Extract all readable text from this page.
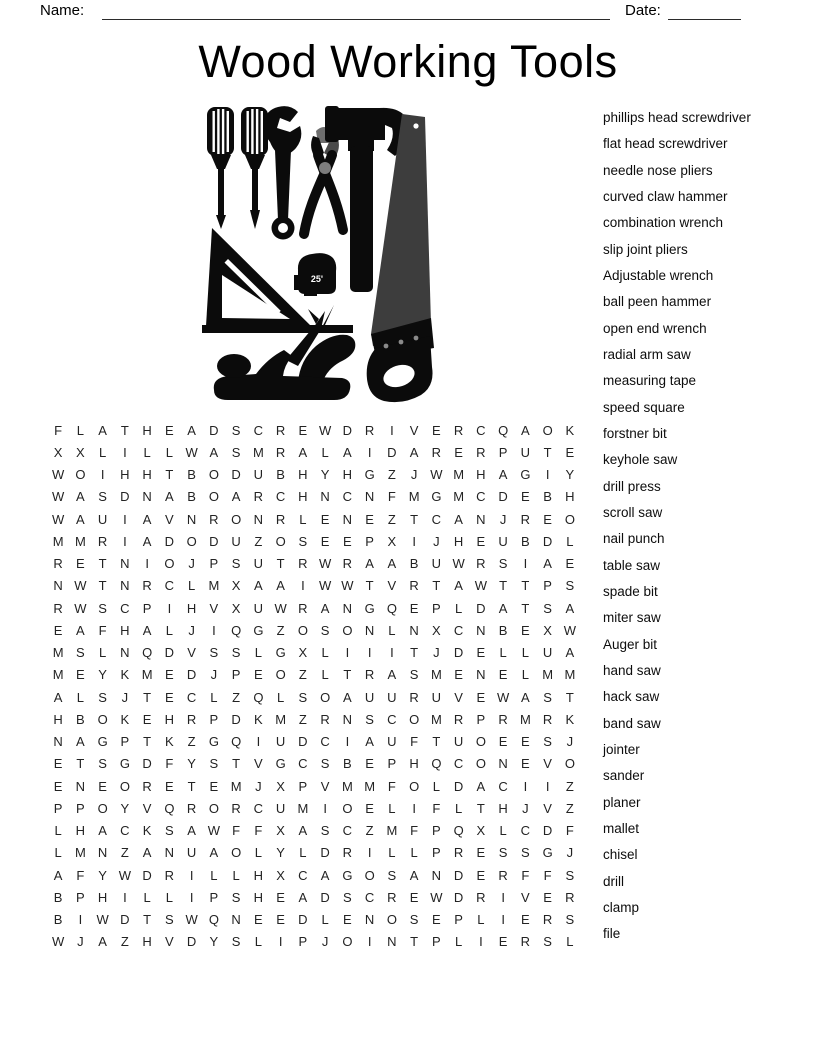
Name:	Date:
Wood Working Tools
25'
F	L	A	T	H	E	A	D	S	C R	E W D R	I	V	E	R C Q A O K
X	X	L	I	L	L W A	S M R	A	L	A	I	D	A	R	E	R	P	U	T	E
W O	I	H H	T	B O D U	B	H	Y	H G	Z	J W M H	A G	I	Y
W A	S	D N	A	B O A	R C H N C N	F M G M C D	E	B	H
W A	U	I	A	V	N R O N R	L	E	N	E	Z	T	C	A	N	J	R	E O
M M R	I	A	D O D U	Z	O S	E	E	P	X	I	J	H	E	U	B	D	L
R	E	T	N	I	O	J	P	S	U	T	R W R	A	A	B	U W R	S	I	A	E
N W T	N R C	L	M X	A	A	I	W W T	V	R	T	A W T	T	P	S
R W S	C	P	I	H	V	X	U W R	A	N G Q E	P	L	D	A	T	S	A
E	A	F	H	A	L	J	I	Q G	Z	O S O N	L	N	X	C N	B	E	X W
M S	L	N Q D	V	S	S	L	G X	L	I	I	I	T	J	D	E	L	L	U	A
M E	Y	K M E	D	J	P	E O	Z	L	T	R	A	S M E	N	E	L	M M
A	L	S	J	T	E	C	L	Z	Q	L	S O A	U U R U	V	E W A	S	T
H	B O K	E	H R	P	D	K M Z	R N	S	C O M R	P	R M R	K
N	A G P	T	K	Z	G Q	I	U D C	I	A	U	F	T	U O E	E	S	J
E	T	S G D	F	Y	S	T	V G C	S	B	E	P	H Q C O N	E	V O
E	N	E O R	E	T	E M	J	X	P	V M M F	O	L	D	A	C	I	I	Z
P	P O Y	V Q R O R C U M	I	O E	L	I	F	L	T	H	J	V	Z
L	H	A	C	K	S	A W F	F	X	A	S	C	Z M F	P Q X	L	C D	F
L	M N	Z	A	N U	A O	L	Y	L	D R	I	L	L	P	R	E	S	S G	J
A	F	Y W D R	I	L	L	H	X	C	A G O S	A	N D	E	R	F	F	S
B	P	H	I	L	L	I	P	S	H	E	A	D	S	C R	E W D R	I	V	E	R
B	I	W D	T	S W Q N	E	E	D	L	E	N O S	E	P	L	I	E	R	S
W J	A	Z	H	V	D	Y	S	L	I	P	J	O	I	N	T	P	L	I	E	R	S	L
phillips head screwdriver
flat head screwdriver
needle nose pliers
curved claw hammer
combination wrench
slip joint pliers
Adjustable wrench
ball peen hammer
open end wrench
radial arm saw
measuring tape
speed square
forstner bit
keyhole saw
drill press
scroll saw
nail punch
table saw
spade bit
miter saw
Auger bit
hand saw
hack saw
band saw
jointer
sander
planer
mallet
chisel
drill
clamp
file
